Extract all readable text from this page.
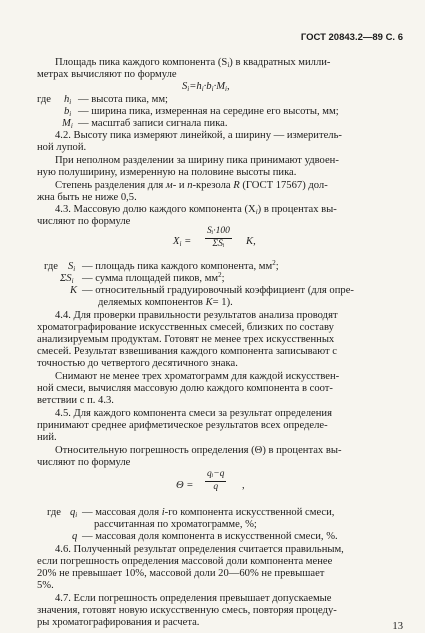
ГОСТ 20843.2—89 С. 6
Площадь пика каждого компонента $(S_i)$ в квадратных милли-
метрах вычисляют по формуле
$S_i=h_i\cdot b_i\cdot M_i$,
где $h_i$ — высота пика, мм;
$b_i$ — ширина пика, измеренная на середине его высоты, мм;
$M_i$ — масштаб записи сигнала пика.
4.2. Высоту пика измеряют линейкой, а ширину — измеритель-
ной лупой.
При неполном разделении за ширину пика принимают удвоен-
ную полуширину, измеренную на половине высоты пика.
Степень разделения для м- и n-крезола R (ГОСТ 17567) дол-
жна быть не ниже 0,5.
4.3. Массовую долю каждого компонента $(X_i)$ в процентах вы-
числяют по формуле
$X_i$ =
Sᵢ·100
ΣSᵢ	K,
где $S_i$ — площадь пика каждого компонента, $мм^2$;
$\Sigma S_i$ — сумма площадей пиков, $мм^2$;
K — относительный градуировочный коэффициент (для опре-
деляемых компонентов K= 1).
4.4. Для проверки правильности результатов анализа проводят
хроматографирование искусственных смесей, близких по составу
анализируемым продуктам. Готовят не менее трех искусственных
смесей. Результат взвешивания каждого компонента записывают с
точностью до четвертого десятичного знака.
Снимают не менее трех хроматограмм для каждой искусствен-
ной смеси, вычисляя массовую долю каждого компонента в соот-
ветствии с п. 4.3.
4.5. Для каждого компонента смеси за результат определения
принимают среднее арифметическое результатов всех определе-
ний.
Относительную погрешность определения (Θ) в процентах вы-
числяют по формуле
$\Theta = \frac{\text{qᵢ−q}}{q}$ ,
где $q_i$ — массовая доля i-го компонента искусственной смеси,
рассчитанная по хроматограмме, %;
q — массовая доля компонента в искусственной смеси, %.
4.6. Полученный результат определения считается правильным,
если погрешность определения массовой доли компонента менее
20% не превышает 10%, массовой доли 20—60% не превышает
5%.
4.7. Если погрешность определения превышает допускаемые
значения, готовят новую искусственную смесь, повторяя процеду-
ры хроматографирования и расчета.	13
